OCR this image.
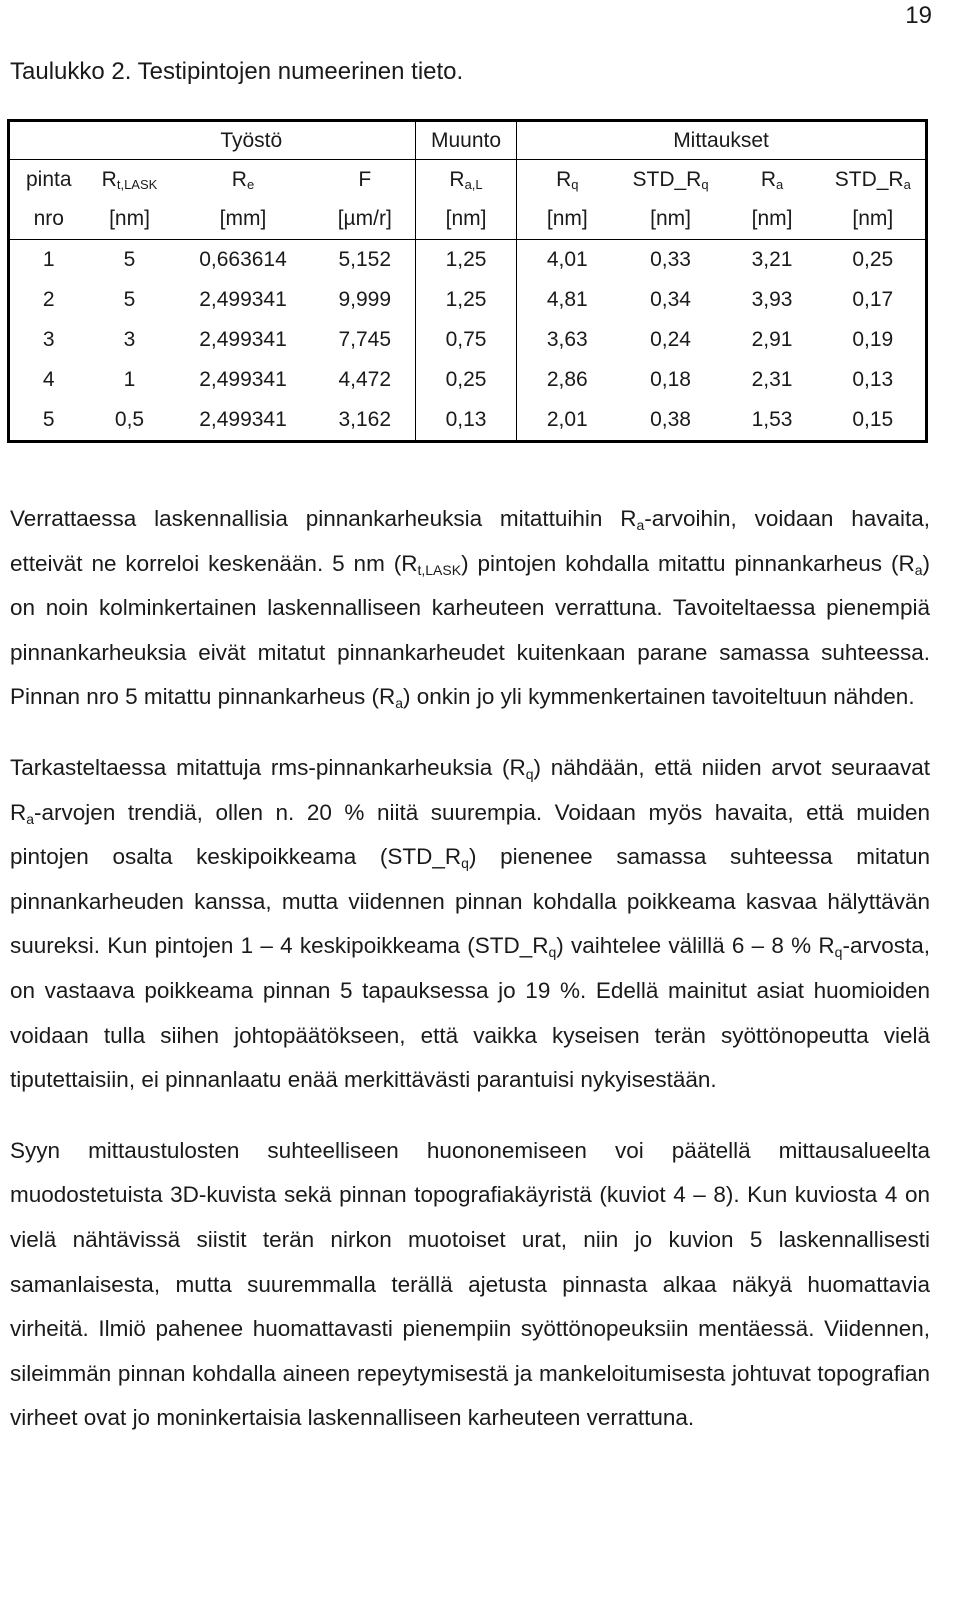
19
Taulukko 2. Testipintojen numeerinen tieto.
	Työstö			Muunto	Mittaukset			
pinta	$R_{t,LASK}$	$R_e$	F	$R_{a,L}$	$R_q$	$STD\_R_q$	$R_a$	$STD\_R_a$
nro	[nm]	[mm]	[µm/r]	[nm]	[nm]	[nm]	[nm]	[nm]
1	5	0,663614	5,152	1,25	4,01	0,33	3,21	0,25
2	5	2,499341	9,999	1,25	4,81	0,34	3,93	0,17
3	3	2,499341	7,745	0,75	3,63	0,24	2,91	0,19
4	1	2,499341	4,472	0,25	2,86	0,18	2,31	0,13
5	0,5	2,499341	3,162	0,13	2,01	0,38	1,53	0,15

Verrattaessa laskennallisia pinnankarheuksia mitattuihin $R_a$-arvoihin, voidaan havaita, etteivät ne korreloi keskenään. 5 nm $(R_{t,LASK})$ pintojen kohdalla mitattu pinnankarheus $(R_a)$ on noin kolminkertainen laskennalliseen karheuteen verrattuna. Tavoiteltaessa pienempiä pinnankarheuksia eivät mitatut pinnankarheudet kuitenkaan parane samassa suhteessa. Pinnan nro 5 mitattu pinnankarheus $(R_a)$ onkin jo yli kymmenkertainen tavoiteltuun nähden.

Tarkasteltaessa mitattuja rms-pinnankarheuksia $(R_q)$ nähdään, että niiden arvot seuraavat $R_a$-arvojen trendiä, ollen n. 20 % niitä suurempia. Voidaan myös havaita, että muiden pintojen osalta keskipoikkeama $(STD\_R_q)$ pienenee samassa suhteessa mitatun pinnankarheuden kanssa, mutta viidennen pinnan kohdalla poikkeama kasvaa hälyttävän suureksi. Kun pintojen 1 – 4 keskipoikkeama $(STD\_R_q)$ vaihtelee välillä 6 – 8 % $R_q$-arvosta, on vastaava poikkeama pinnan 5 tapauksessa jo 19 %. Edellä mainitut asiat huomioiden voidaan tulla siihen johtopäätökseen, että vaikka kyseisen terän syöttönopeutta vielä tiputettaisiin, ei pinnanlaatu enää merkittävästi parantuisi nykyisestään.

Syyn mittaustulosten suhteelliseen huononemiseen voi päätellä mittausalueelta muodostetuista 3D-kuvista sekä pinnan topografiakäyristä (kuviot 4 – 8). Kun kuviosta 4 on vielä nähtävissä siistit terän nirkon muotoiset urat, niin jo kuvion 5 laskennallisesti samanlaisesta, mutta suuremmalla terällä ajetusta pinnasta alkaa näkyä huomattavia virheitä. Ilmiö pahenee huomattavasti pienempiin syöttönopeuksiin mentäessä. Viidennen, sileimmän pinnan kohdalla aineen repeytymisestä ja mankeloitumisesta johtuvat topografian virheet ovat jo moninkertaisia laskennalliseen karheuteen verrattuna.
